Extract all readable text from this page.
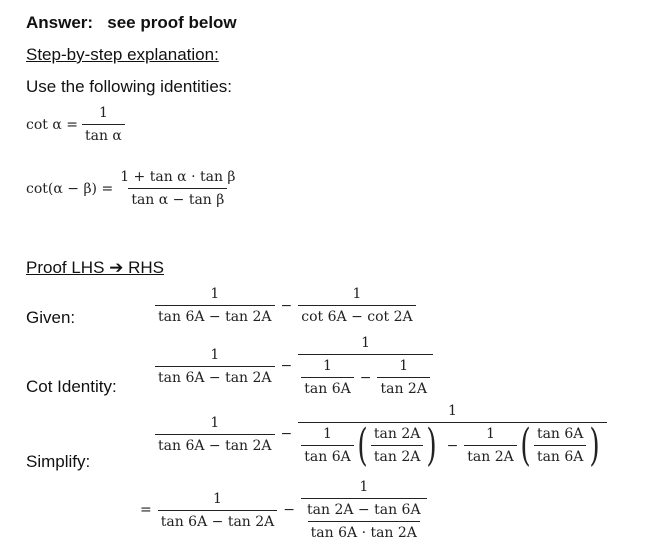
Answer: see proof below
Step-by-step explanation:
Use the following identities:
$\cot \alpha = \frac{1}{\text{tan α}}$
$\cot(\alpha - \beta) = \frac{\text{1 + tan α · tan β}}{\text{tan α − tan β}}$
Proof LHS ➔ RHS
Given:
Cot Identity:
Simplify:
$\frac{1}{\tan 6A - \tan 2A} - \frac{1}{\cot 6A - \cot 2A}$
$\frac{1}{\tan 6A - \tan 2A}$ −
1
$\frac{1}{\tan 6A} - \frac{1}{\tan 2A}$
$\frac{1}{\tan 6A - \tan 2A}$ −
1
$\frac{1}{\tan 6A}$ ( $\frac{\tan 2A}{\tan 2A}$ ) − $\frac{1}{\tan 2A}$ ( $\frac{\tan 6A}{\tan 6A}$ )
= $\frac{1}{\tan 6A - \tan 2A} - \frac{1}{\frac{\tan 2A - \tan 6A}{\tan 6A \cdot \tan 2A}}$
